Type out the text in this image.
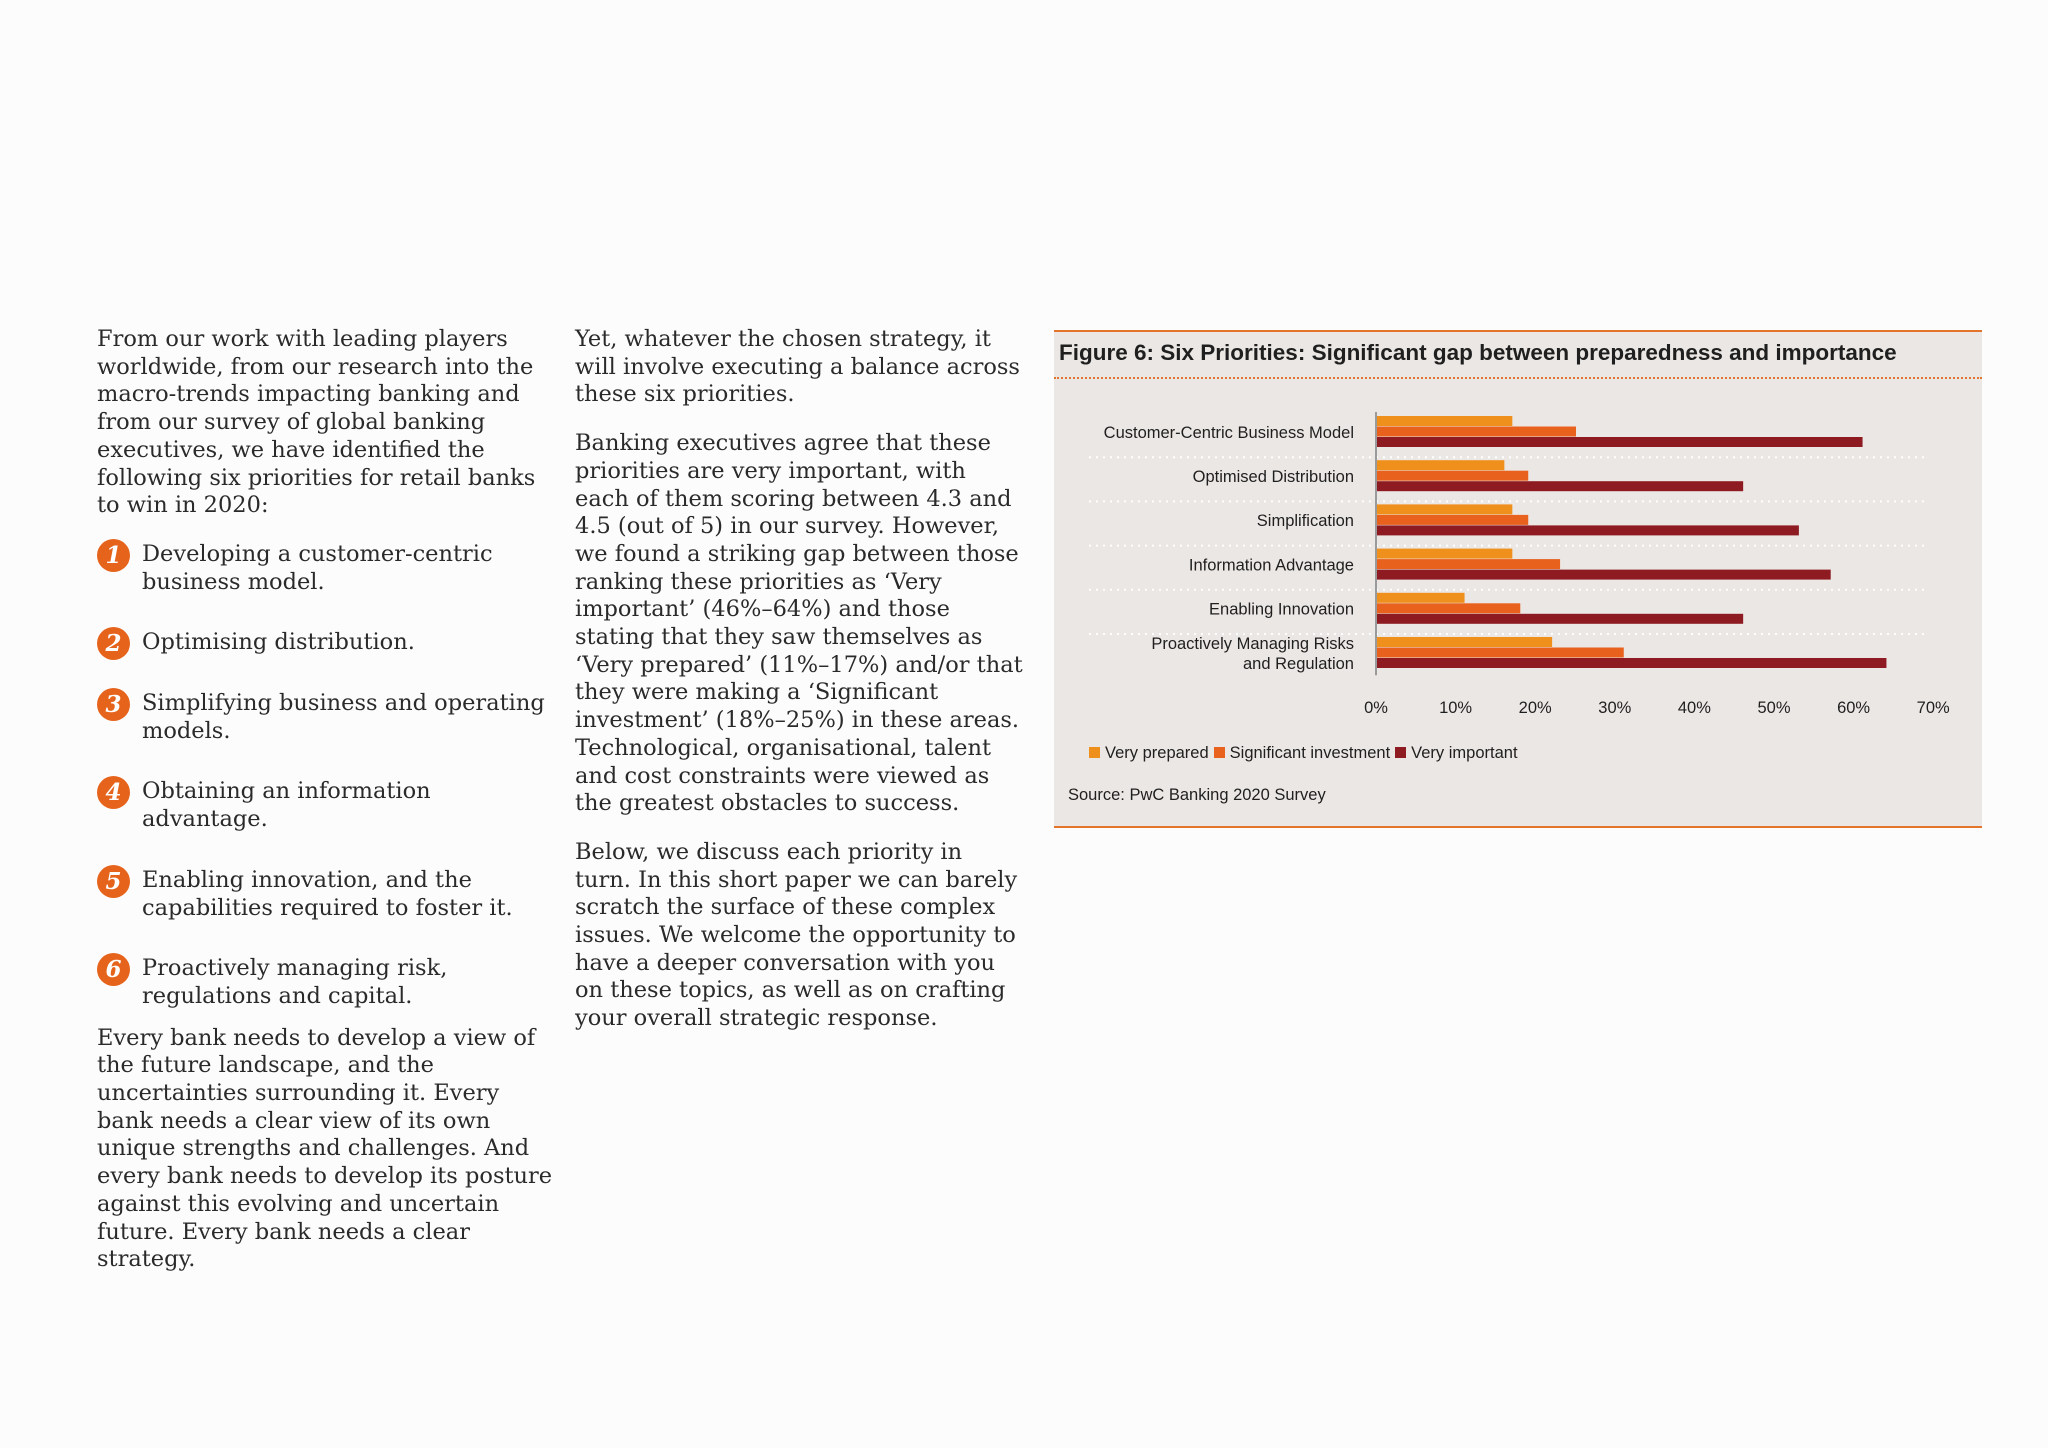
From our work with leading players worldwide, from our research into the macro-trends impacting banking and from our survey of global banking executives, we have identified the following six priorities for retail banks to win in 2020:

1 Developing a customer-centric business model.
2 Optimising distribution.
3 Simplifying business and operating models.
4 Obtaining an information advantage.
5 Enabling innovation, and the capabilities required to foster it.
6 Proactively managing risk, regulations and capital.

Every bank needs to develop a view of the future landscape, and the uncertainties surrounding it. Every bank needs a clear view of its own unique strengths and challenges. And every bank needs to develop its posture against this evolving and uncertain future. Every bank needs a clear strategy.

Yet, whatever the chosen strategy, it will involve executing a balance across these six priorities.

Banking executives agree that these priorities are very important, with each of them scoring between 4.3 and 4.5 (out of 5) in our survey. However, we found a striking gap between those ranking these priorities as ‘Very important’ (46%–64%) and those stating that they saw themselves as ‘Very prepared’ (11%–17%) and/or that they were making a ‘Significant investment’ (18%–25%) in these areas. Technological, organisational, talent and cost constraints were viewed as the greatest obstacles to success.

Below, we discuss each priority in turn. In this short paper we can barely scratch the surface of these complex issues. We welcome the opportunity to have a deeper conversation with you on these topics, as well as on crafting your overall strategic response.

Figure 6: Six Priorities: Significant gap between preparedness and importance
Customer-Centric Business Model
Optimised Distribution
Simplification
Information Advantage
Enabling Innovation
Proactively Managing Risks
and Regulation
0%	10%	20%	30%	40%	50%	60%	70%
Very prepared Significant investment Very important
Source: PwC Banking 2020 Survey
